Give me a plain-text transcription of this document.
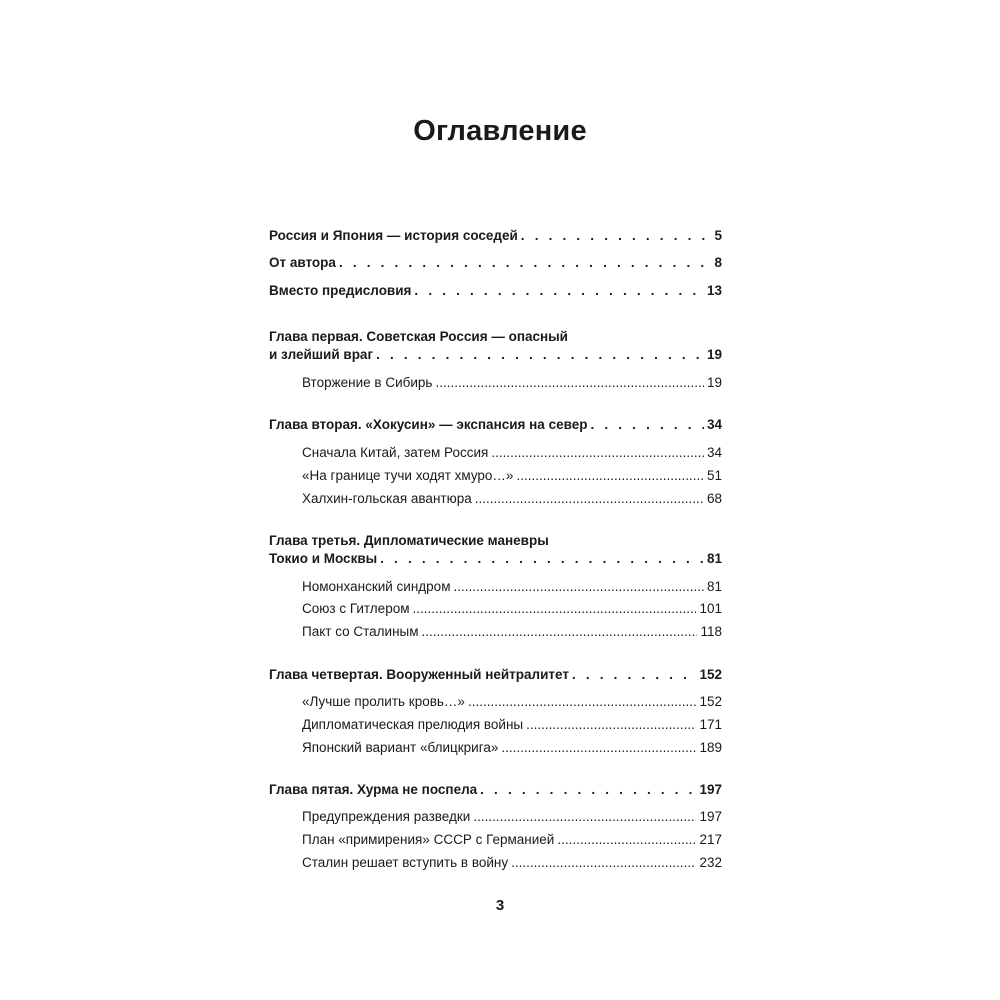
Оглавление
Россия и Япония — история соседей . . .	5
От автора . . .	8
Вместо предисловия . . .	13
Глава первая. Советская Россия — опасный
и злейший враг . . .	19
Вторжение в Сибирь .....	19
Глава вторая. «Хокусин» — экспансия на север . . .	34
Сначала Китай, затем Россия .....	34
«На границе тучи ходят хмуро…» .....	51
Халхин-гольская авантюра .....	68
Глава третья. Дипломатические маневры
Токио и Москвы . . .	81
Номонханский синдром .....	81
Союз с Гитлером .....	101
Пакт со Сталиным .....	118
Глава четвертая. Вооруженный нейтралитет . . .	152
«Лучше пролить кровь…» .....	152
Дипломатическая прелюдия войны .....	171
Японский вариант «блицкрига» .....	189
Глава пятая. Хурма не поспела . . .	197
Предупреждения разведки .....	197
План «примирения» СССР с Германией .....	217
Сталин решает вступить в войну .....	232
3
